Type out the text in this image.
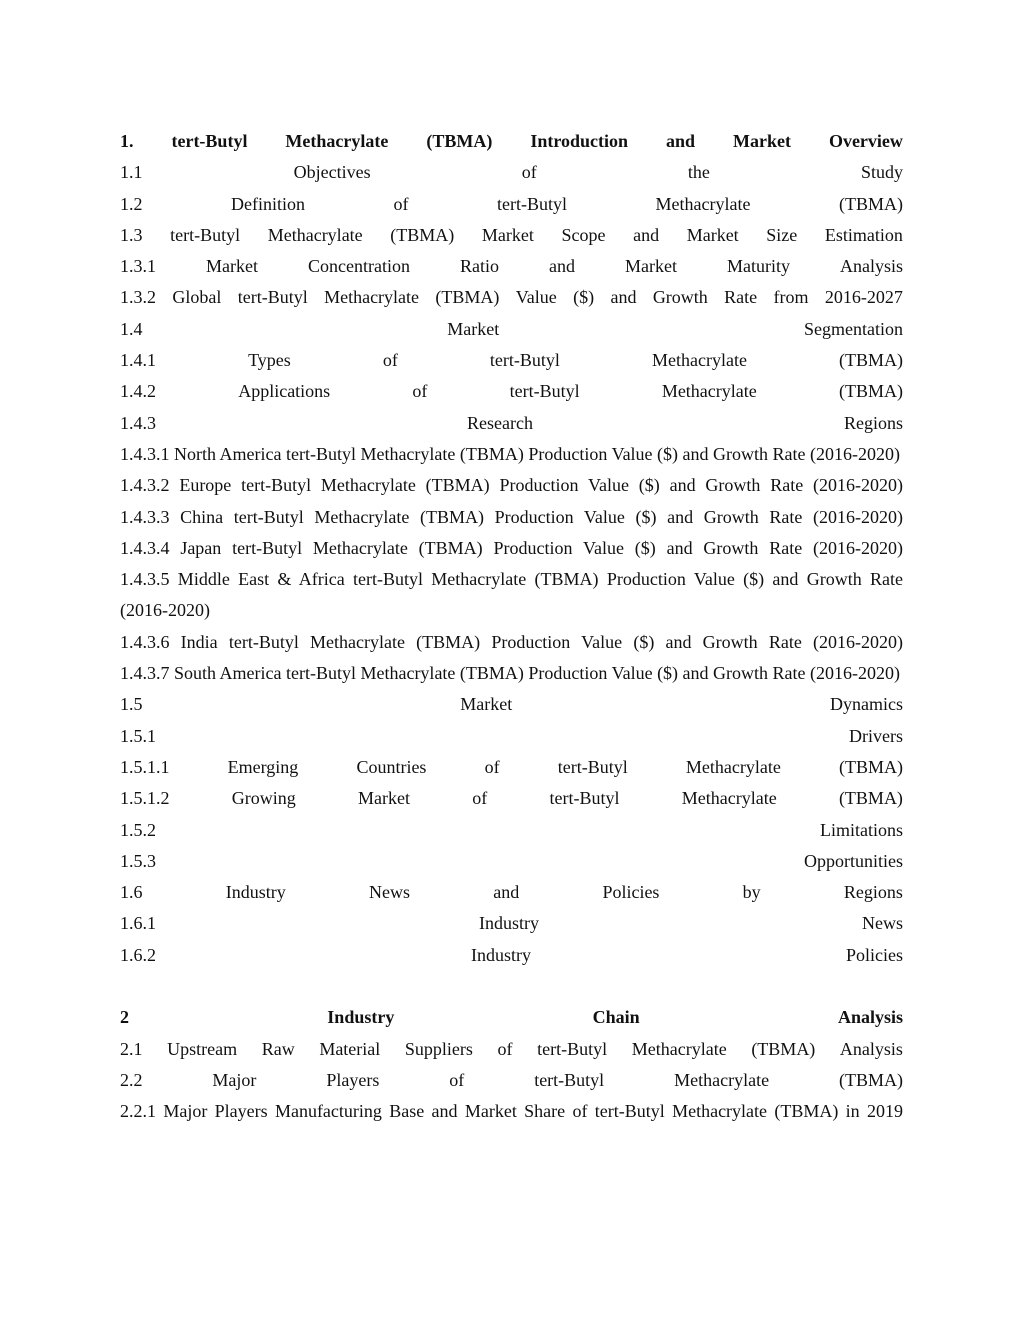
1. tert-Butyl Methacrylate (TBMA) Introduction and Market Overview
1.1	Objectives	of	the	Study
1.2	Definition	of	tert-Butyl	Methacrylate	(TBMA)
1.3 tert-Butyl Methacrylate (TBMA) Market Scope and Market Size Estimation
1.3.1	Market	Concentration	Ratio	and	Market	Maturity	Analysis
1.3.2 Global tert-Butyl Methacrylate (TBMA) Value ($) and Growth Rate from 2016-2027
1.4	Market	Segmentation
1.4.1	Types	of	tert-Butyl	Methacrylate	(TBMA)
1.4.2	Applications	of	tert-Butyl	Methacrylate	(TBMA)
1.4.3	Research	Regions
1.4.3.1 North America tert-Butyl Methacrylate (TBMA) Production Value ($) and Growth Rate (2016-2020)
1.4.3.2 Europe tert-Butyl Methacrylate (TBMA) Production Value ($) and Growth Rate (2016-2020)
1.4.3.3 China tert-Butyl Methacrylate (TBMA) Production Value ($) and Growth Rate (2016-2020)
1.4.3.4 Japan tert-Butyl Methacrylate (TBMA) Production Value ($) and Growth Rate (2016-2020)
1.4.3.5 Middle East & Africa tert-Butyl Methacrylate (TBMA) Production Value ($) and Growth Rate (2016-2020)
1.4.3.6 India tert-Butyl Methacrylate (TBMA) Production Value ($) and Growth Rate (2016-2020)
1.4.3.7 South America tert-Butyl Methacrylate (TBMA) Production Value ($) and Growth Rate (2016-2020)
1.5	Market	Dynamics
1.5.1	Drivers
1.5.1.1	Emerging	Countries	of	tert-Butyl	Methacrylate	(TBMA)
1.5.1.2	Growing	Market	of	tert-Butyl	Methacrylate	(TBMA)
1.5.2	Limitations
1.5.3	Opportunities
1.6	Industry	News	and	Policies	by	Regions
1.6.1	Industry	News
1.6.2	Industry	Policies
2	Industry	Chain	Analysis
2.1 Upstream Raw Material Suppliers of tert-Butyl Methacrylate (TBMA) Analysis
2.2	Major	Players	of	tert-Butyl	Methacrylate	(TBMA)
2.2.1 Major Players Manufacturing Base and Market Share of tert-Butyl Methacrylate (TBMA) in 2019
